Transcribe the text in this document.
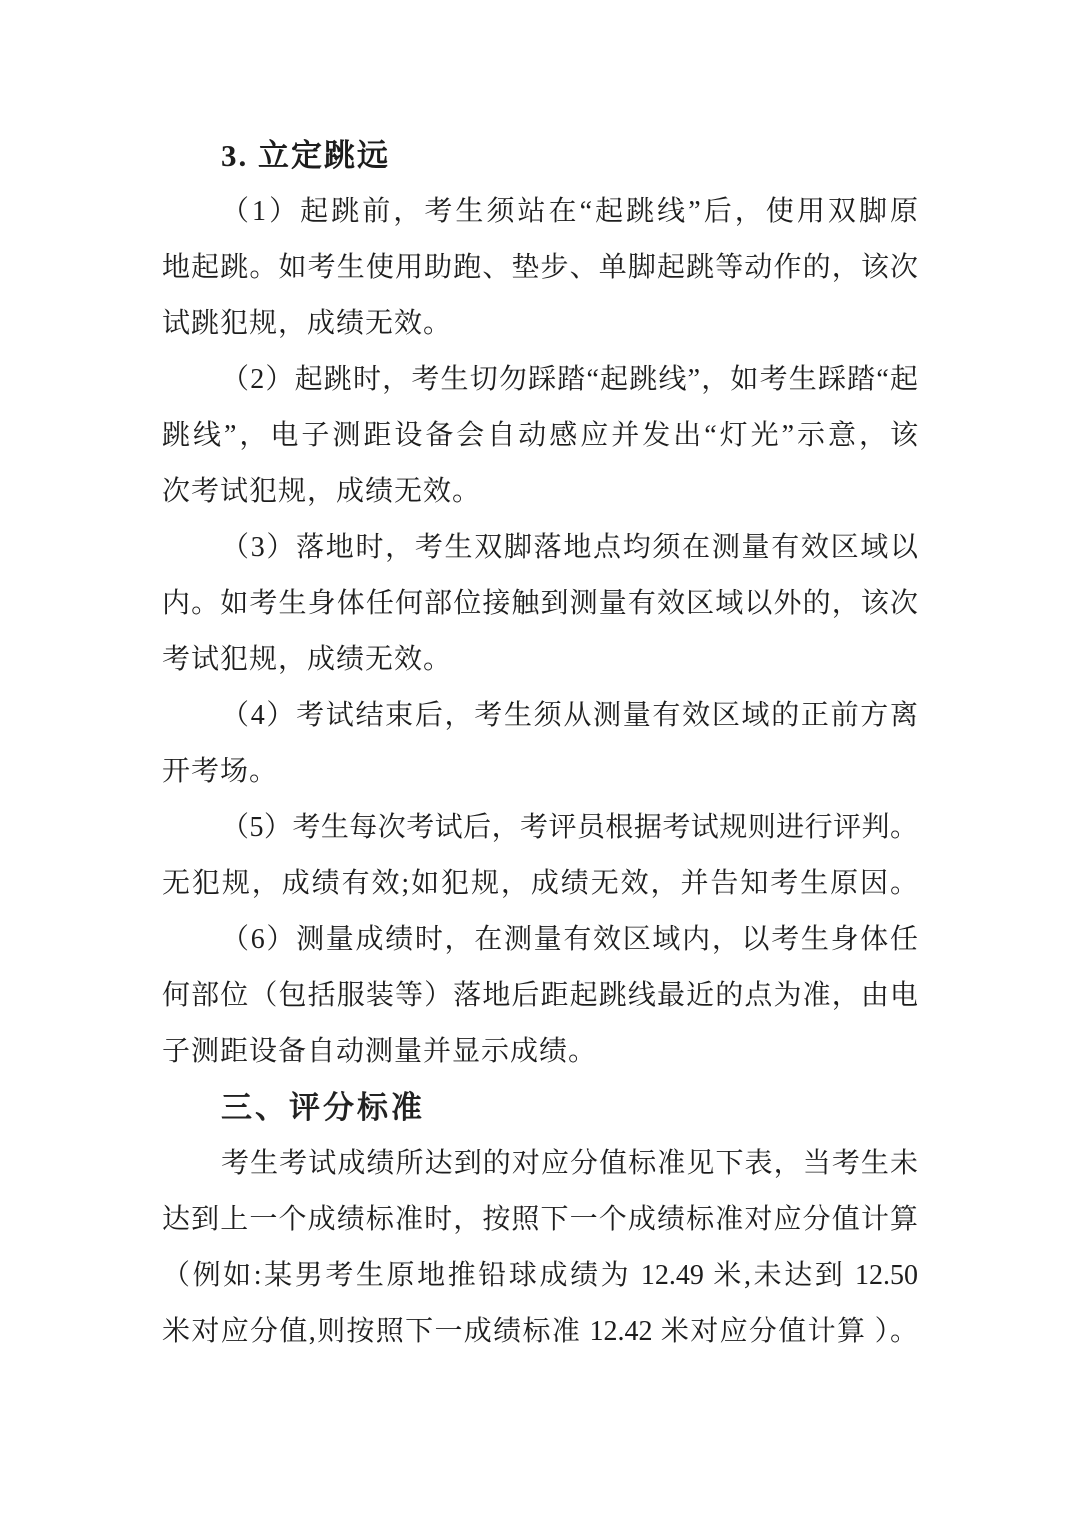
3. 立定跳远
（1）起跳前，考生须站在“起跳线”后，使用双脚原
地起跳。如考生使用助跑、垫步、单脚起跳等动作的，该次
试跳犯规，成绩无效。
（2）起跳时，考生切勿踩踏“起跳线”，如考生踩踏“起
跳线”，电子测距设备会自动感应并发出“灯光”示意，该
次考试犯规，成绩无效。
（3）落地时，考生双脚落地点均须在测量有效区域以
内。如考生身体任何部位接触到测量有效区域以外的，该次
考试犯规，成绩无效。
（4）考试结束后，考生须从测量有效区域的正前方离
开考场。
（5）考生每次考试后，考评员根据考试规则进行评判。
无犯规，成绩有效;如犯规，成绩无效，并告知考生原因。
（6）测量成绩时，在测量有效区域内，以考生身体任
何部位（包括服装等）落地后距起跳线最近的点为准，由电
子测距设备自动测量并显示成绩。
三、评分标准
考生考试成绩所达到的对应分值标准见下表，当考生未
达到上一个成绩标准时，按照下一个成绩标准对应分值计算
（例如:某男考生原地推铅球成绩为 12.49 米,未达到 12.50
米对应分值,则按照下一成绩标准 12.42 米对应分值计算 ）。
